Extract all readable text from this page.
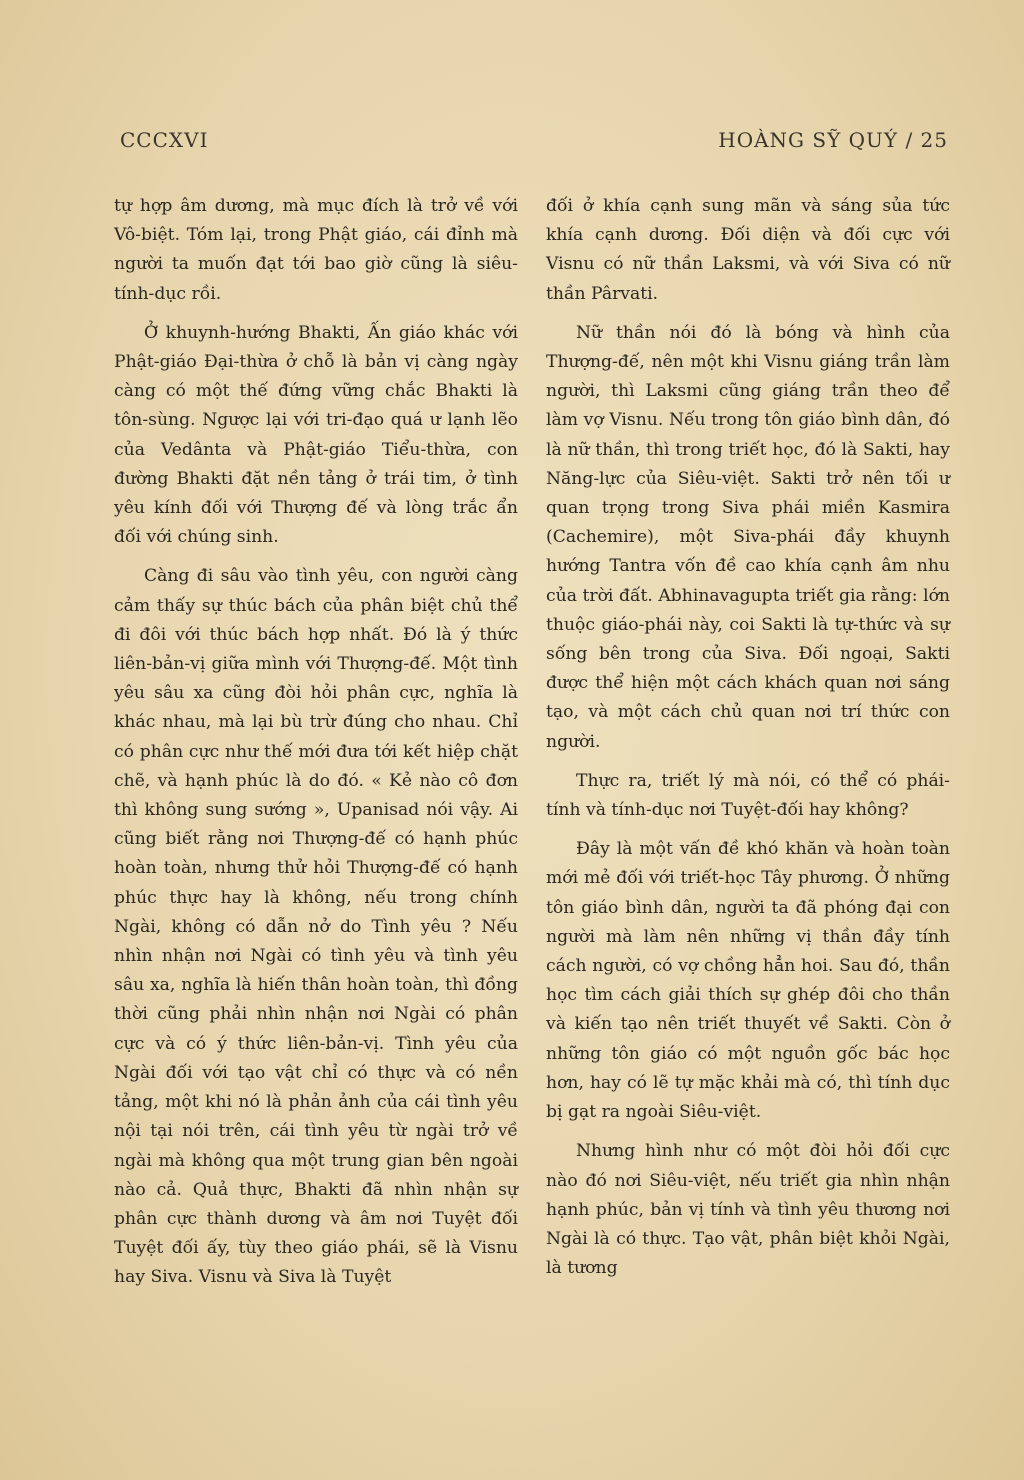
CCCXVI	HOÀNG SỸ QUÝ / 25

tự hợp âm dương, mà mục đích là trở về với Vô-biệt. Tóm lại, trong Phật giáo, cái đỉnh mà người ta muốn đạt tới bao giờ cũng là siêu-tính-dục rồi.

Ở khuynh-hướng Bhakti, Ấn giáo khác với Phật-giáo Đại-thừa ở chỗ là bản vị càng ngày càng có một thế đứng vững chắc Bhakti là tôn-sùng. Ngược lại với tri-đạo quá ư lạnh lẽo của Vedânta và Phật-giáo Tiểu-thừa, con đường Bhakti đặt nền tảng ở trái tim, ở tình yêu kính đối với Thượng đế và lòng trắc ẩn đối với chúng sinh.

Càng đi sâu vào tình yêu, con người càng cảm thấy sự thúc bách của phân biệt chủ thể đi đôi với thúc bách hợp nhất. Đó là ý thức liên-bản-vị giữa mình với Thượng-đế. Một tình yêu sâu xa cũng đòi hỏi phân cực, nghĩa là khác nhau, mà lại bù trừ đúng cho nhau. Chỉ có phân cực như thế mới đưa tới kết hiệp chặt chẽ, và hạnh phúc là do đó. « Kẻ nào cô đơn thì không sung sướng », Upanisad nói vậy. Ai cũng biết rằng nơi Thượng-đế có hạnh phúc hoàn toàn, nhưng thử hỏi Thượng-đế có hạnh phúc thực hay là không, nếu trong chính Ngài, không có dẫn nở do Tình yêu ? Nếu nhìn nhận nơi Ngài có tình yêu và tình yêu sâu xa, nghĩa là hiến thân hoàn toàn, thì đồng thời cũng phải nhìn nhận nơi Ngài có phân cực và có ý thức liên-bản-vị. Tình yêu của Ngài đối với tạo vật chỉ có thực và có nền tảng, một khi nó là phản ảnh của cái tình yêu nội tại nói trên, cái tình yêu từ ngài trở về ngài mà không qua một trung gian bên ngoài nào cả. Quả thực, Bhakti đã nhìn nhận sự phân cực thành dương và âm nơi Tuyệt đối Tuyệt đối ấy, tùy theo giáo phái, sẽ là Visnu hay Siva. Visnu và Siva là Tuyệt

đối ở khía cạnh sung mãn và sáng sủa tức khía cạnh dương. Đối diện và đối cực với Visnu có nữ thần Laksmi, và với Siva có nữ thần Pârvati.

Nữ thần nói đó là bóng và hình của Thượng-đế, nên một khi Visnu giáng trần làm người, thì Laksmi cũng giáng trần theo để làm vợ Visnu. Nếu trong tôn giáo bình dân, đó là nữ thần, thì trong triết học, đó là Sakti, hay Năng-lực của Siêu-việt. Sakti trở nên tối ư quan trọng trong Siva phái miền Kasmira (Cachemire), một Siva-phái đầy khuynh hướng Tantra vốn đề cao khía cạnh âm nhu của trời đất. Abhinavagupta triết gia rằng: lớn thuộc giáo-phái này, coi Sakti là tự-thức và sự sống bên trong của Siva. Đối ngoại, Sakti được thể hiện một cách khách quan nơi sáng tạo, và một cách chủ quan nơi trí thức con người.

Thực ra, triết lý mà nói, có thể có phái-tính và tính-dục nơi Tuyệt-đối hay không?

Đây là một vấn đề khó khăn và hoàn toàn mới mẻ đối với triết-học Tây phương. Ở những tôn giáo bình dân, người ta đã phóng đại con người mà làm nên những vị thần đầy tính cách người, có vợ chồng hẳn hoi. Sau đó, thần học tìm cách giải thích sự ghép đôi cho thần và kiến tạo nên triết thuyết về Sakti. Còn ở những tôn giáo có một nguồn gốc bác học hơn, hay có lẽ tự mặc khải mà có, thì tính dục bị gạt ra ngoài Siêu-việt.

Nhưng hình như có một đòi hỏi đối cực nào đó nơi Siêu-việt, nếu triết gia nhìn nhận hạnh phúc, bản vị tính và tình yêu thương nơi Ngài là có thực. Tạo vật, phân biệt khỏi Ngài, là tương
